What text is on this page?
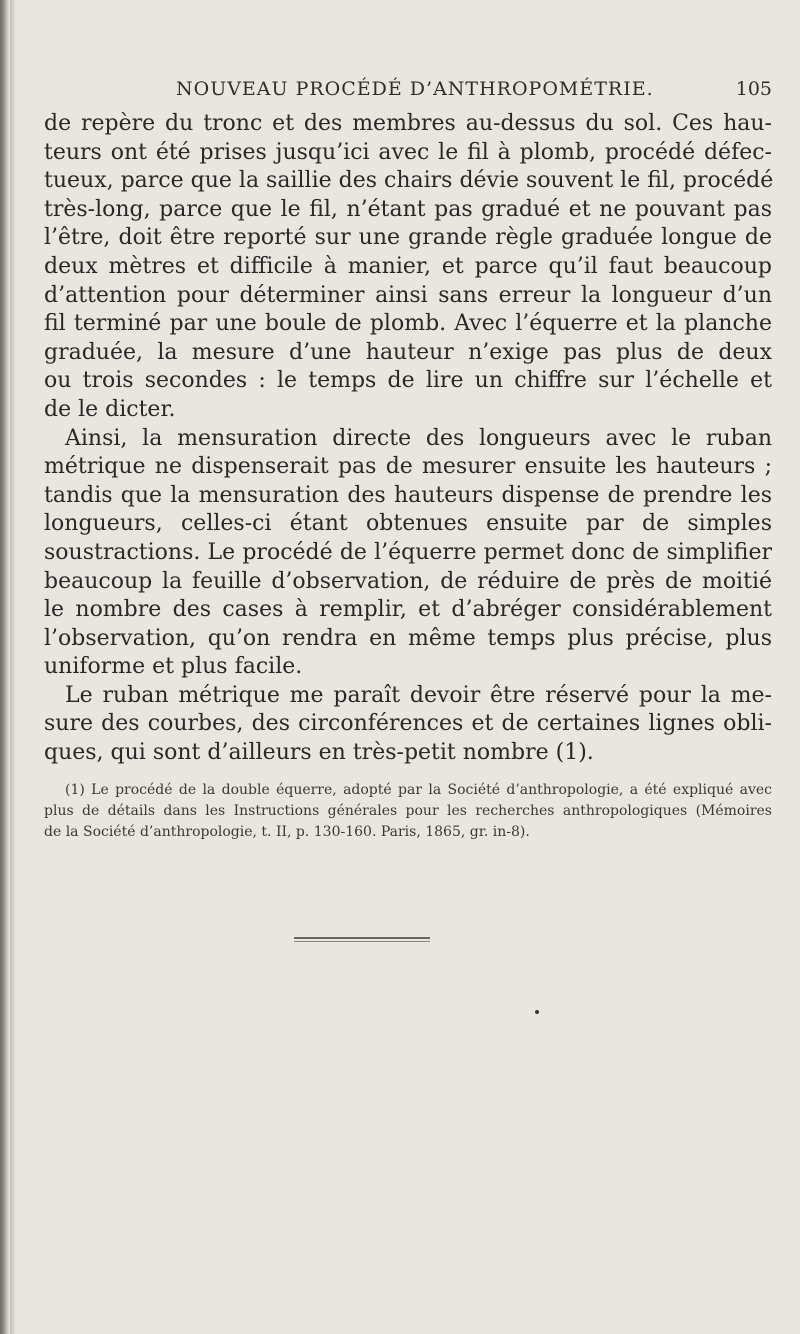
NOUVEAU PROCÉDÉ D’ANTHROPOMÉTRIE.	105

de repère du tronc et des membres au-dessus du sol. Ces hau-
teurs ont été prises jusqu’ici avec le fil à plomb, procédé défec-
tueux, parce que la saillie des chairs dévie souvent le fil, procédé
très-long, parce que le fil, n’étant pas gradué et ne pouvant pas
l’être, doit être reporté sur une grande règle graduée longue de
deux mètres et difficile à manier, et parce qu’il faut beaucoup
d’attention pour déterminer ainsi sans erreur la longueur d’un
fil terminé par une boule de plomb. Avec l’équerre et la planche
graduée, la mesure d’une hauteur n’exige pas plus de deux
ou trois secondes : le temps de lire un chiffre sur l’échelle et
de le dicter.

Ainsi, la mensuration directe des longueurs avec le ruban
métrique ne dispenserait pas de mesurer ensuite les hauteurs ;
tandis que la mensuration des hauteurs dispense de prendre les
longueurs, celles-ci étant obtenues ensuite par de simples
soustractions. Le procédé de l’équerre permet donc de simplifier
beaucoup la feuille d’observation, de réduire de près de moitié
le nombre des cases à remplir, et d’abréger considérablement
l’observation, qu’on rendra en même temps plus précise, plus
uniforme et plus facile.

Le ruban métrique me paraît devoir être réservé pour la me-
sure des courbes, des circonférences et de certaines lignes obli-
ques, qui sont d’ailleurs en très-petit nombre (1).

(1) Le procédé de la double équerre, adopté par la Société d’anthropologie, a été expliqué avec
plus de détails dans les Instructions générales pour les recherches anthropologiques (Mémoires
de la Société d’anthropologie, t. II, p. 130-160. Paris, 1865, gr. in-8).
